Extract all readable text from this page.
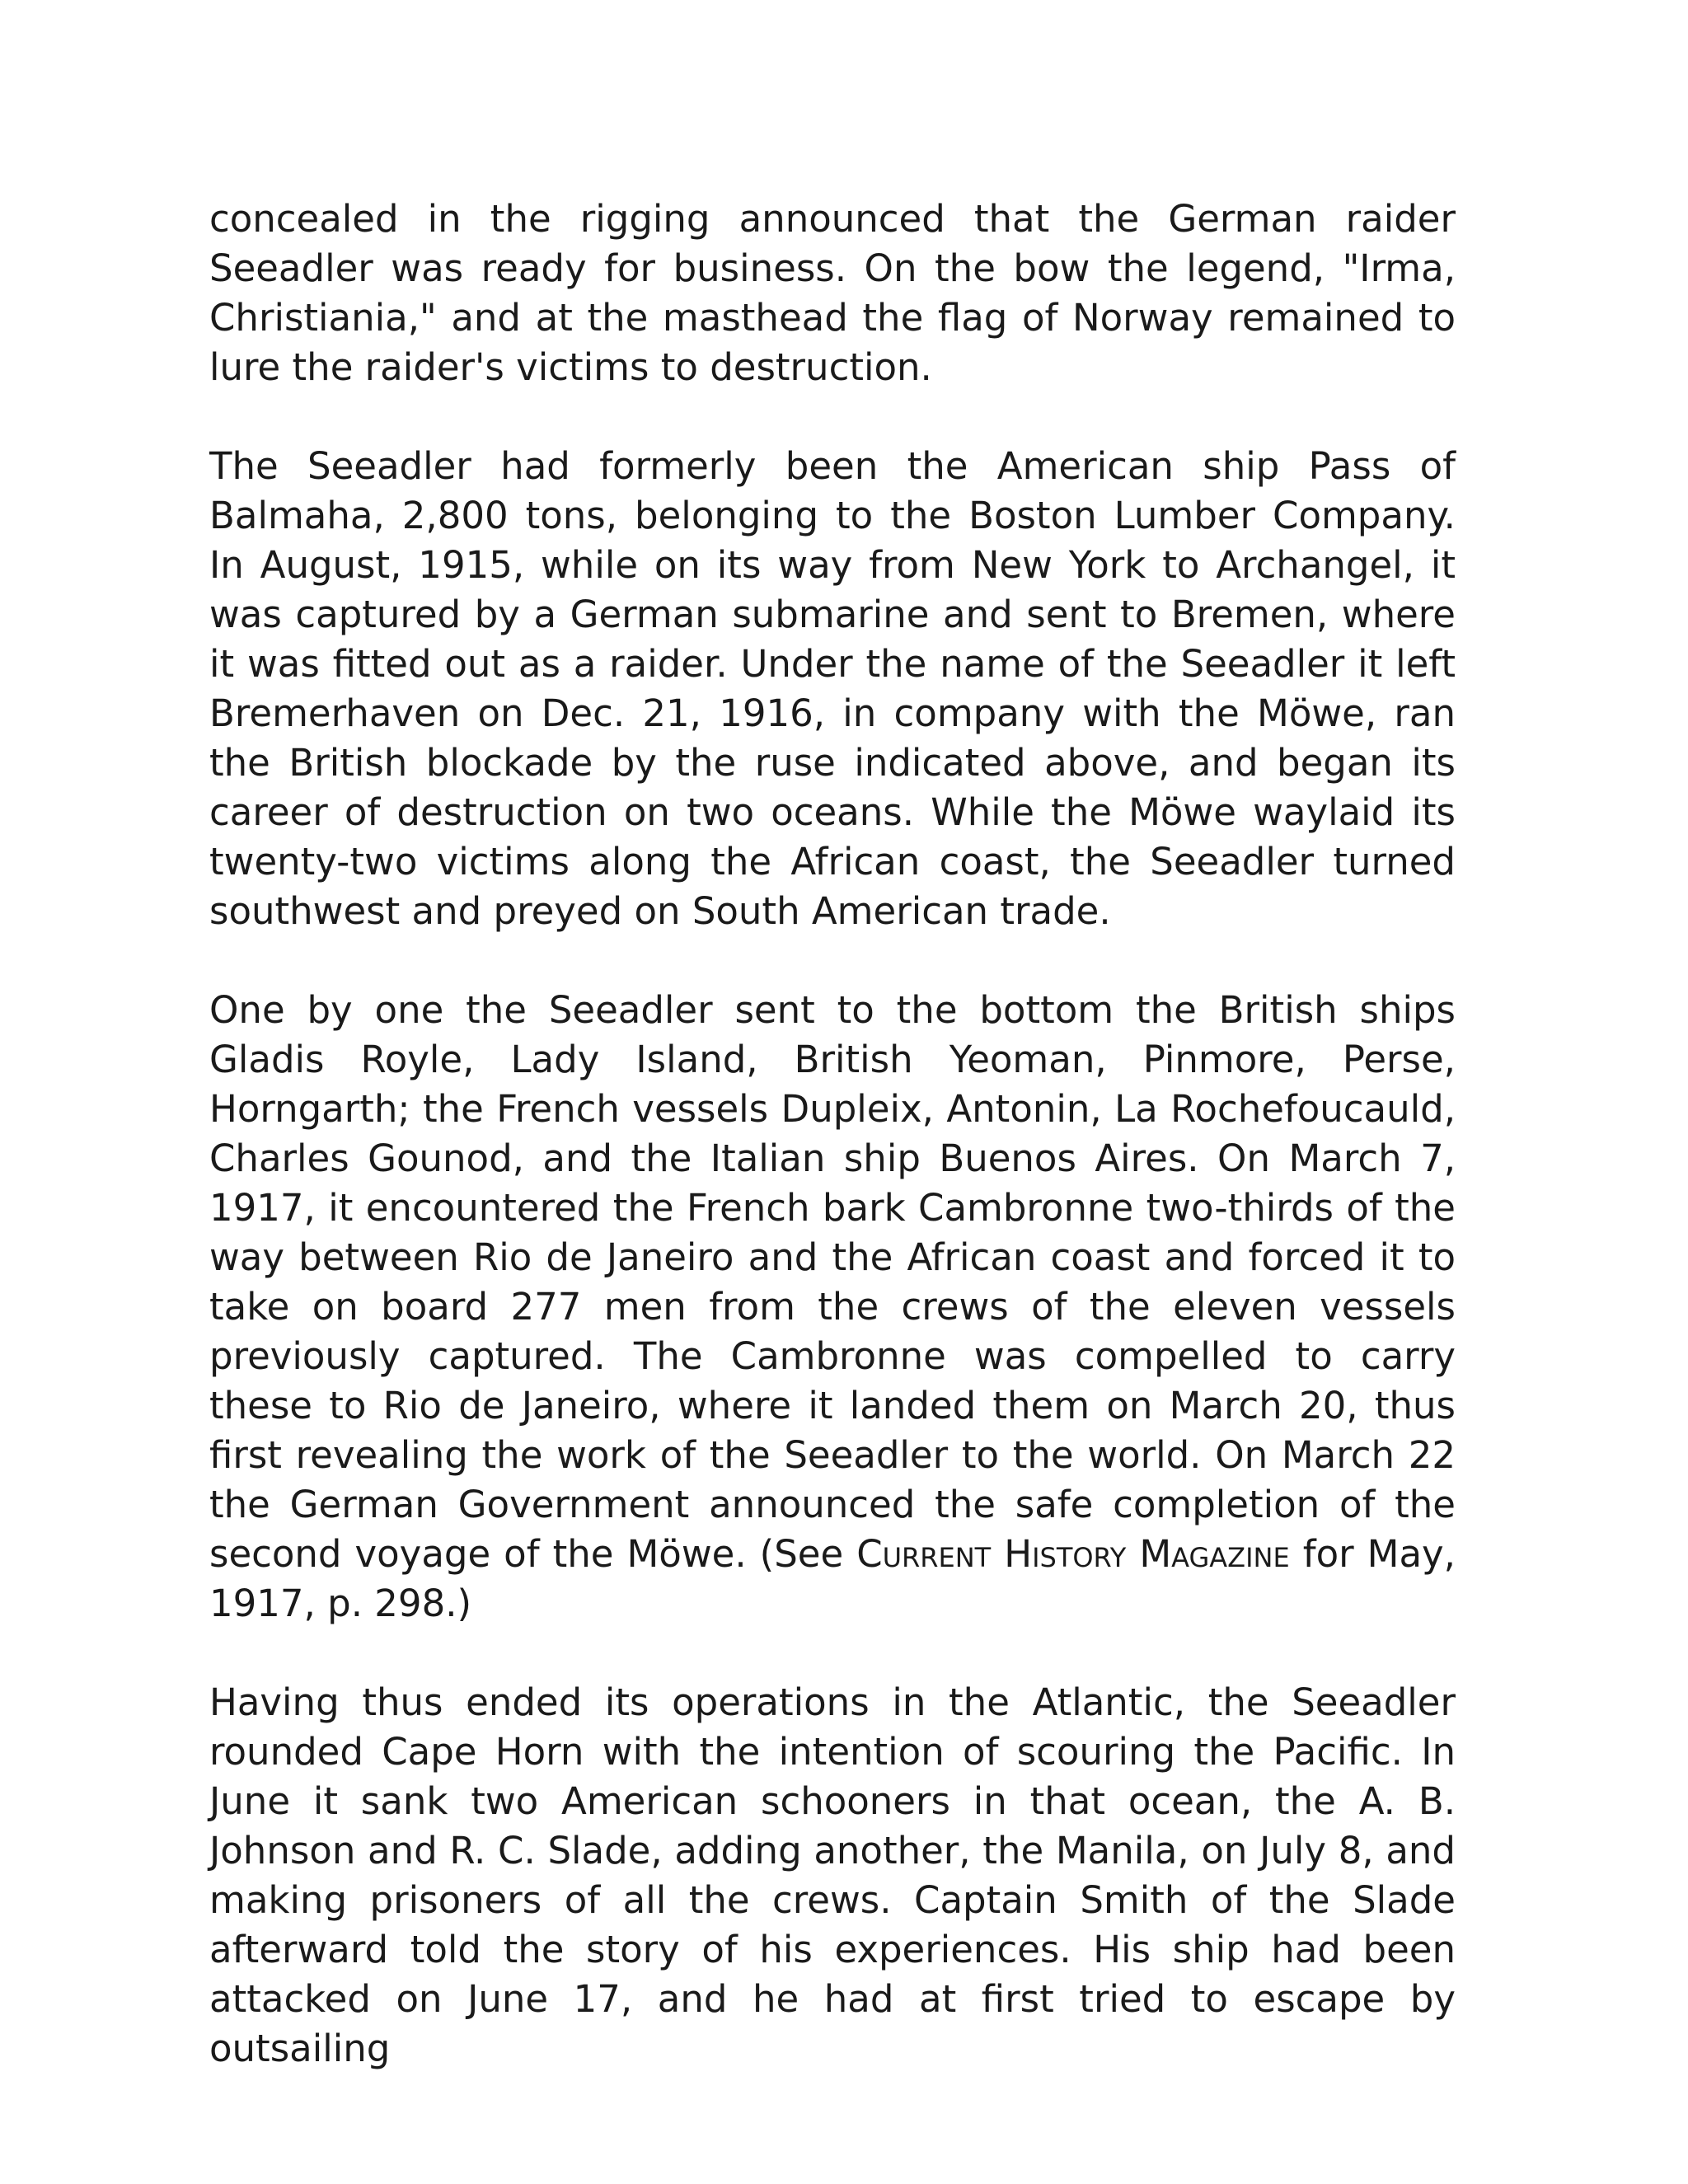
concealed in the rigging announced that the German raider Seeadler was ready for business. On the bow the legend, "Irma, Christiania," and at the masthead the flag of Norway remained to lure the raider's victims to destruction.

The Seeadler had formerly been the American ship Pass of Balmaha, 2,800 tons, belonging to the Boston Lumber Company. In August, 1915, while on its way from New York to Archangel, it was captured by a German submarine and sent to Bremen, where it was fitted out as a raider. Under the name of the Seeadler it left Bremerhaven on Dec. 21, 1916, in company with the Möwe, ran the British blockade by the ruse indicated above, and began its career of destruction on two oceans. While the Möwe waylaid its twenty-two victims along the African coast, the Seeadler turned southwest and preyed on South American trade.

One by one the Seeadler sent to the bottom the British ships Gladis Royle, Lady Island, British Yeoman, Pinmore, Perse, Horngarth; the French vessels Dupleix, Antonin, La Rochefoucauld, Charles Gounod, and the Italian ship Buenos Aires. On March 7, 1917, it encountered the French bark Cambronne two-thirds of the way between Rio de Janeiro and the African coast and forced it to take on board 277 men from the crews of the eleven vessels previously captured. The Cambronne was compelled to carry these to Rio de Janeiro, where it landed them on March 20, thus first revealing the work of the Seeadler to the world. On March 22 the German Government announced the safe completion of the second voyage of the Möwe. (See Current History Magazine for May, 1917, p. 298.)

Having thus ended its operations in the Atlantic, the Seeadler rounded Cape Horn with the intention of scouring the Pacific. In June it sank two American schooners in that ocean, the A. B. Johnson and R. C. Slade, adding another, the Manila, on July 8, and making prisoners of all the crews. Captain Smith of the Slade afterward told the story of his experiences. His ship had been attacked on June 17, and he had at first tried to escape by outsailing
